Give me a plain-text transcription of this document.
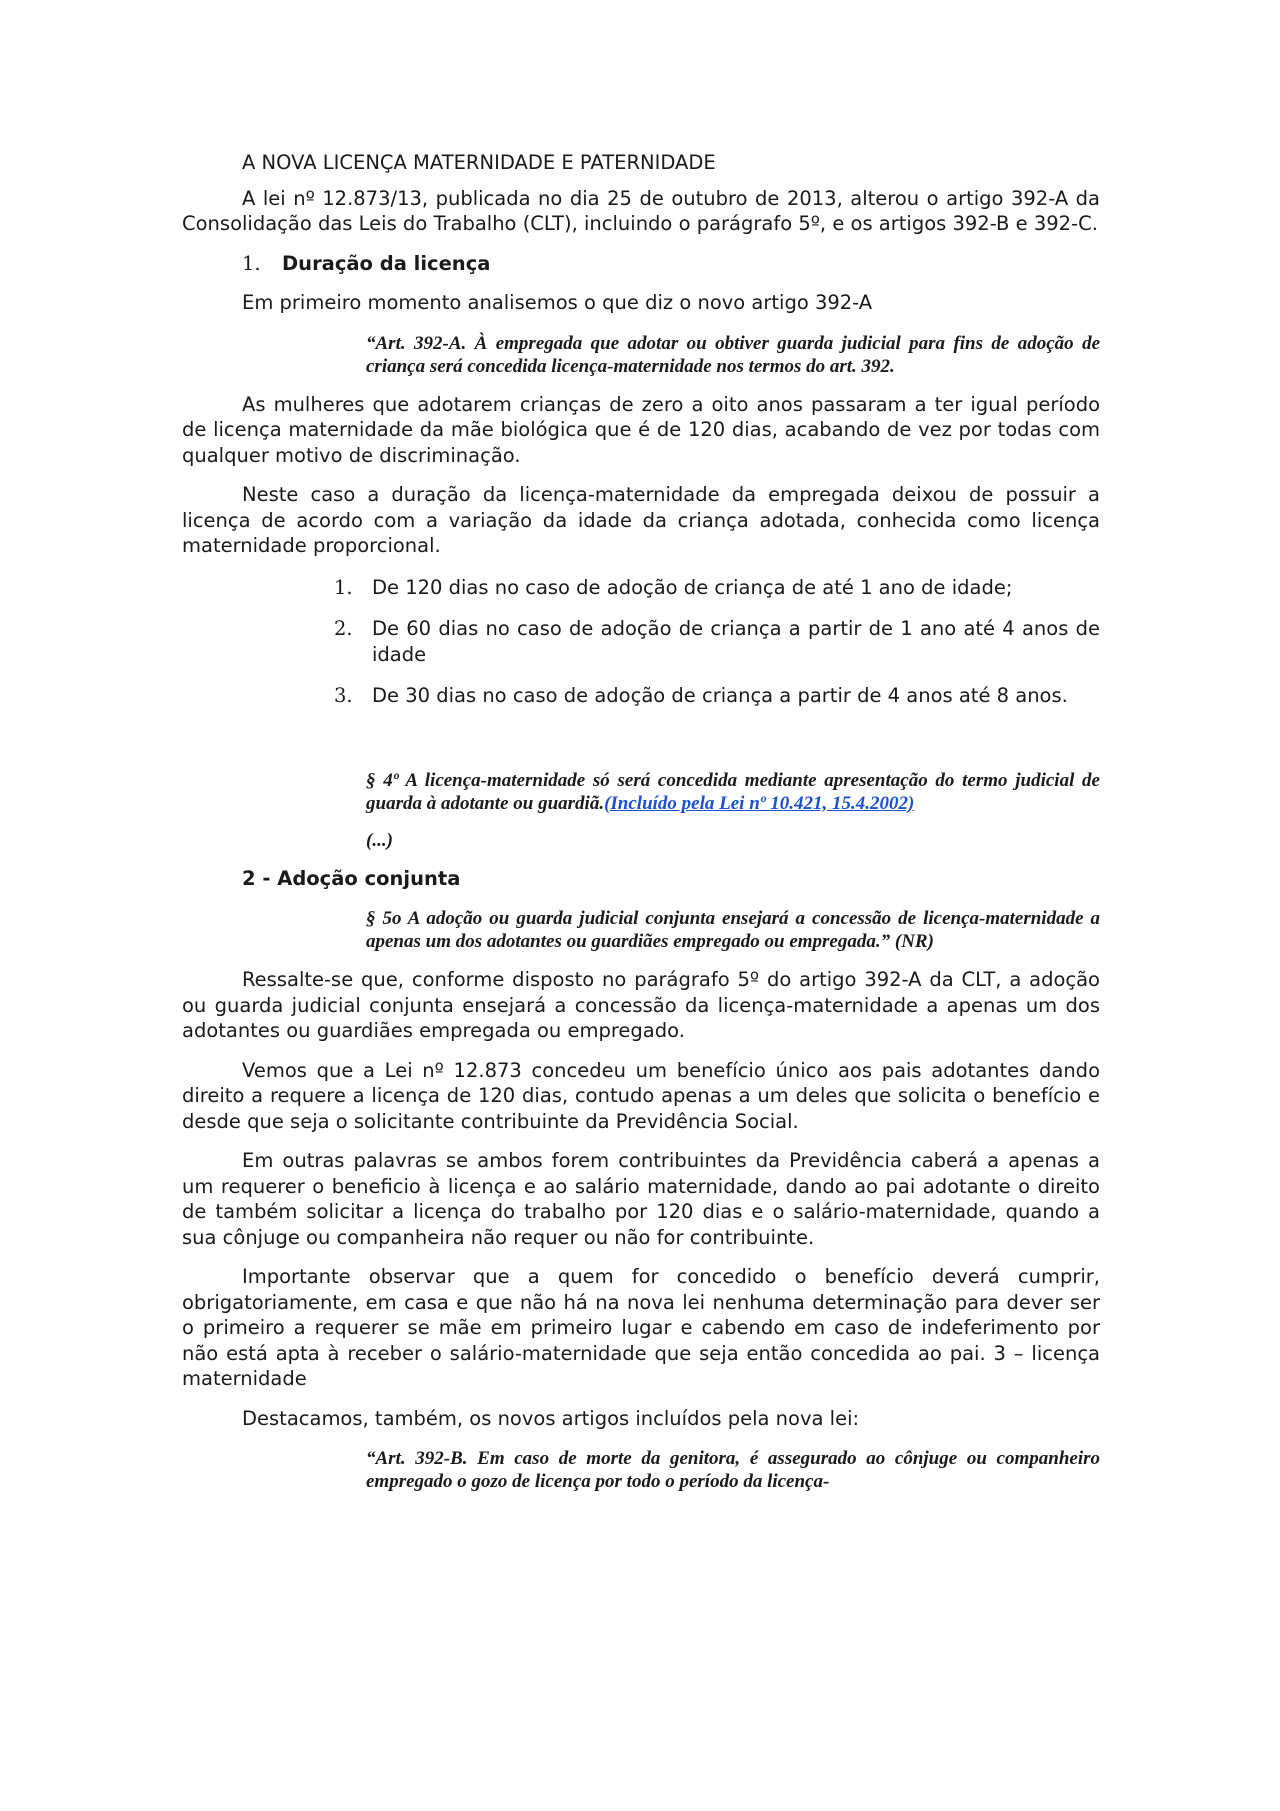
A NOVA LICENÇA MATERNIDADE E PATERNIDADE

A lei nº 12.873/13, publicada no dia 25 de outubro de 2013, alterou o artigo 392-A da Consolidação das Leis do Trabalho (CLT), incluindo o parágrafo 5º, e os artigos 392-B e 392-C.

1. Duração da licença

Em primeiro momento analisemos o que diz o novo artigo 392-A

“Art. 392-A. À empregada que adotar ou obtiver guarda judicial para fins de adoção de criança será concedida licença-maternidade nos termos do art. 392.

As mulheres que adotarem crianças de zero a oito anos passaram a ter igual período de licença maternidade da mãe biológica que é de 120 dias, acabando de vez por todas com qualquer motivo de discriminação.

Neste caso a duração da licença-maternidade da empregada deixou de possuir a licença de acordo com a variação da idade da criança adotada, conhecida como licença maternidade proporcional.

1. De 120 dias no caso de adoção de criança de até 1 ano de idade;
2. De 60 dias no caso de adoção de criança a partir de 1 ano até 4 anos de idade
3. De 30 dias no caso de adoção de criança a partir de 4 anos até 8 anos.

§ 4º A licença-maternidade só será concedida mediante apresentação do termo judicial de guarda à adotante ou guardiã.(Incluído pela Lei nº 10.421, 15.4.2002)

(...)

2 - Adoção conjunta

§ 5o A adoção ou guarda judicial conjunta ensejará a concessão de licença-maternidade a apenas um dos adotantes ou guardiães empregado ou empregada.” (NR)

Ressalte-se que, conforme disposto no parágrafo 5º do artigo 392-A da CLT, a adoção ou guarda judicial conjunta ensejará a concessão da licença-maternidade a apenas um dos adotantes ou guardiães empregada ou empregado.

Vemos que a Lei nº 12.873 concedeu um benefício único aos pais adotantes dando direito a requere a licença de 120 dias, contudo apenas a um deles que solicita o benefício e desde que seja o solicitante contribuinte da Previdência Social.

Em outras palavras se ambos forem contribuintes da Previdência caberá a apenas a um requerer o beneficio à licença e ao salário maternidade, dando ao pai adotante o direito de também solicitar a licença do trabalho por 120 dias e o salário-maternidade, quando a sua cônjuge ou companheira não requer ou não for contribuinte.

Importante observar que a quem for concedido o benefício deverá cumprir, obrigatoriamente, em casa e que não há na nova lei nenhuma determinação para dever ser o primeiro a requerer se mãe em primeiro lugar e cabendo em caso de indeferimento por não está apta à receber o salário-maternidade que seja então concedida ao pai. 3 – licença maternidade

Destacamos, também, os novos artigos incluídos pela nova lei:

“Art. 392-B. Em caso de morte da genitora, é assegurado ao cônjuge ou companheiro empregado o gozo de licença por todo o período da licença-
